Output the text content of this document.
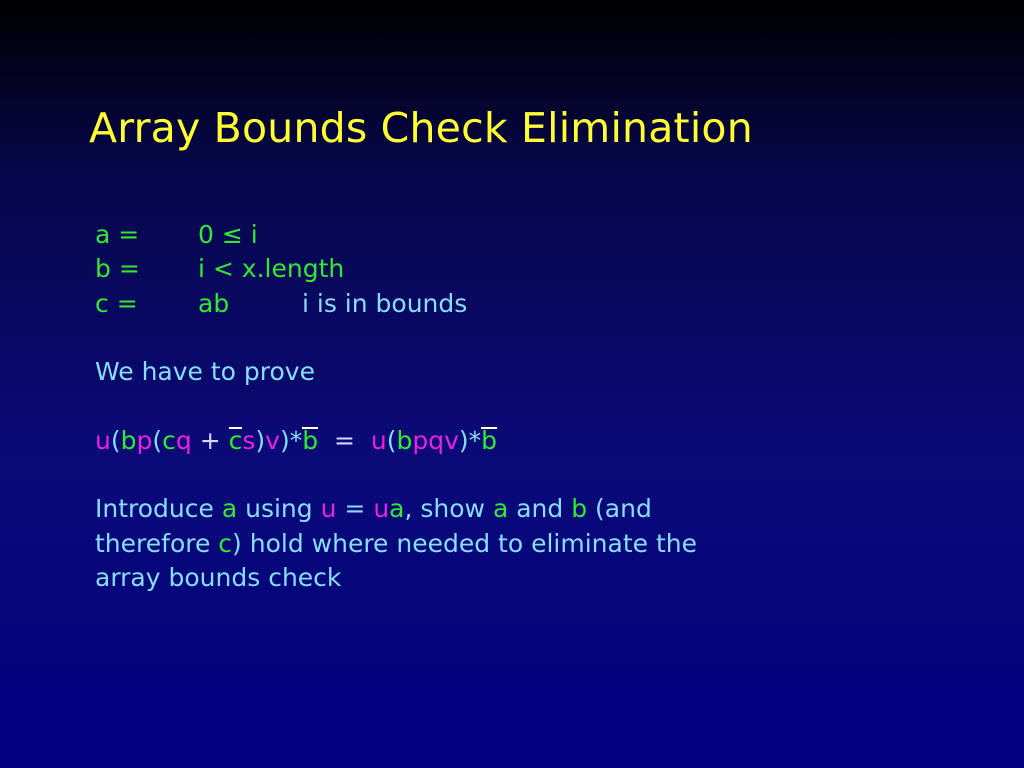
Array Bounds Check Elimination
a = 0 ≤ i
b = i < x.length
c = ab	i is in bounds
We have to prove
u(bp(cq + cs)v)*b  =  u(bpqv)*b
Introduce a using u = ua, show a and b (and
therefore c) hold where needed to eliminate the
array bounds check
